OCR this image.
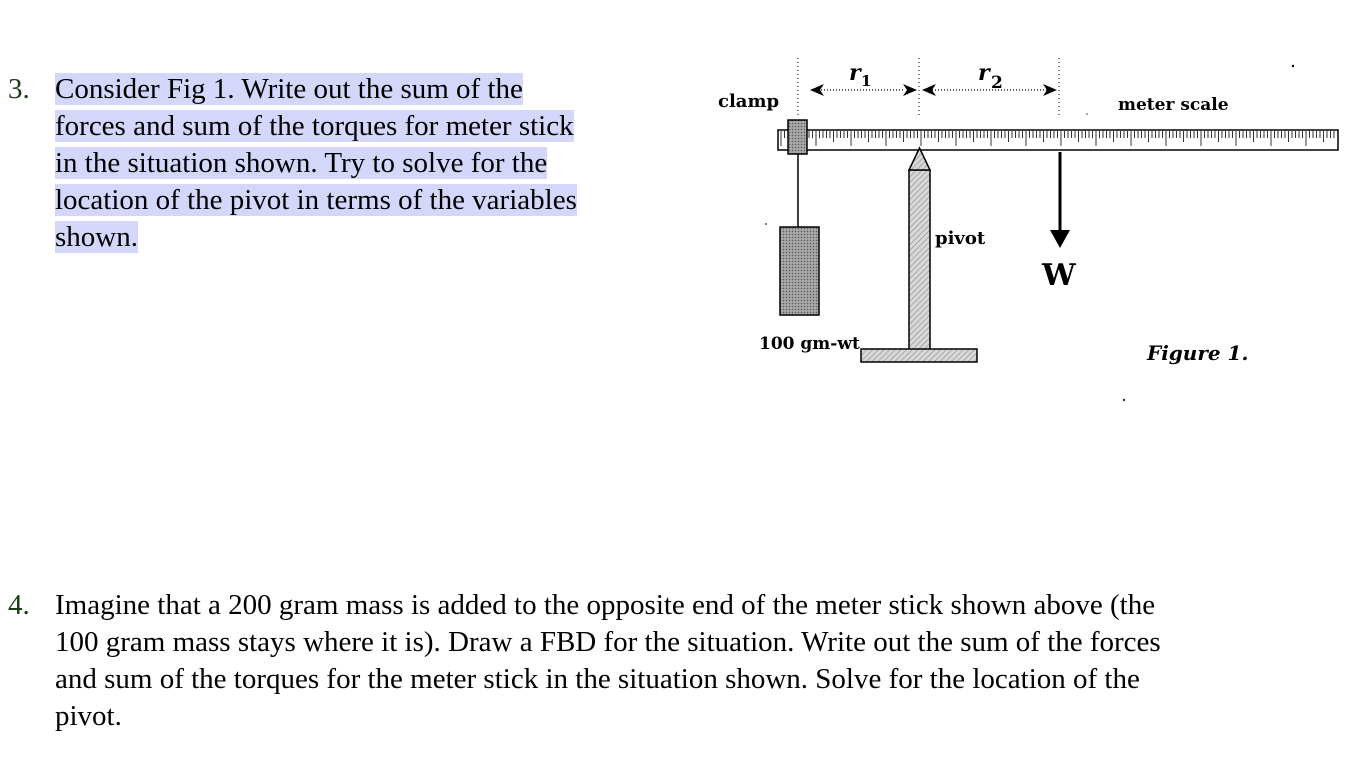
3. Consider Fig 1. Write out the sum of the
forces and sum of the torques for meter stick
in the situation shown. Try to solve for the
location of the pivot in terms of the variables
shown.
r 1	r 2
clamp	meter scale
100 gm-wt
pivot
W
Figure 1.
4. Imagine that a 200 gram mass is added to the opposite end of the meter stick shown above (the
100 gram mass stays where it is). Draw a FBD for the situation. Write out the sum of the forces
and sum of the torques for the meter stick in the situation shown. Solve for the location of the
pivot.
